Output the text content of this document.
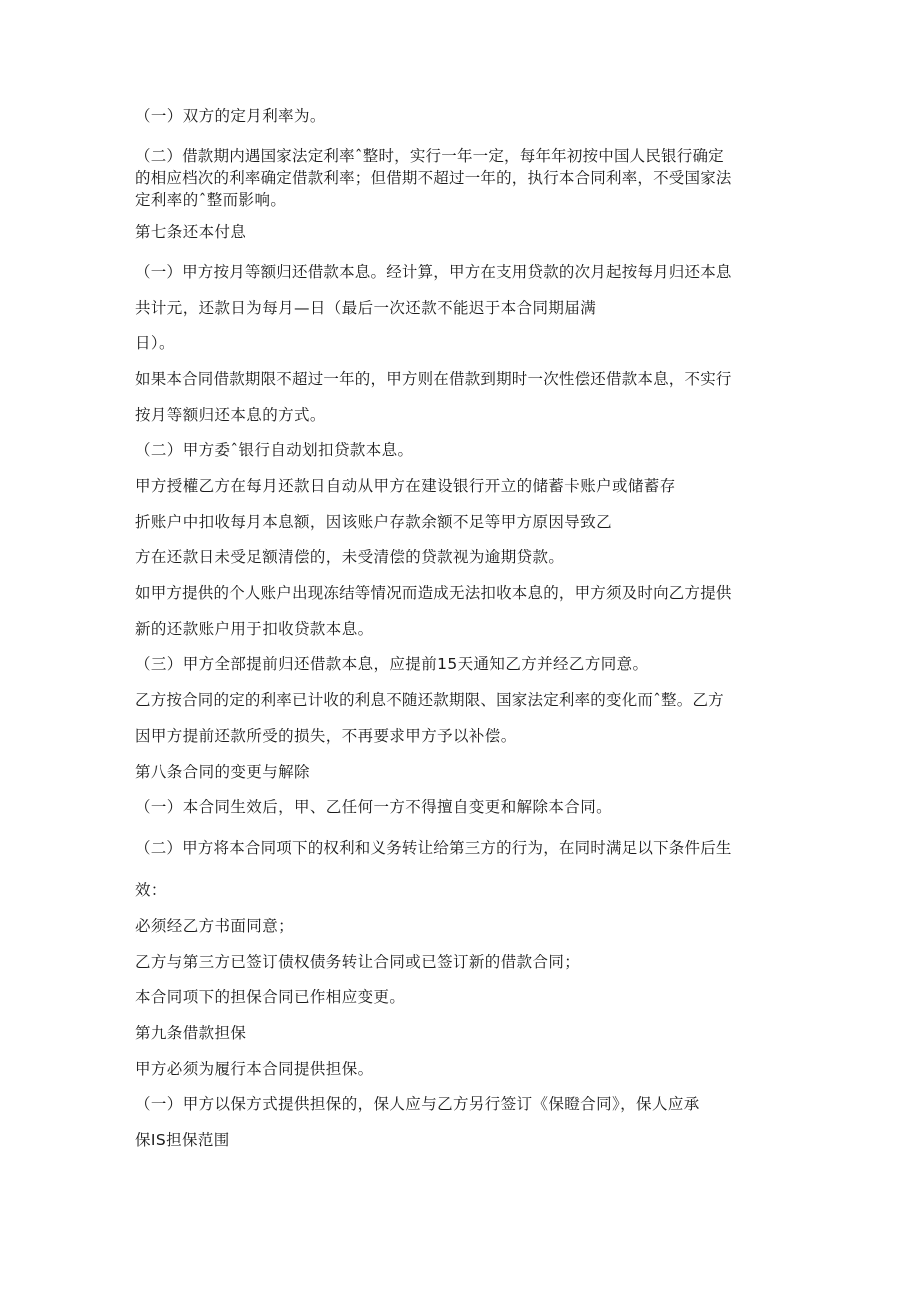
（一）双方的定月利率为。
（二）借款期内遇国家法定利率ˆ整时，实行一年一定，每年年初按中国人民银行确定
的相应档次的利率确定借款利率；但借期不超过一年的，执行本合同利率，不受国家法
定利率的ˆ整而影响。
第七条还本付息
（一）甲方按月等额归还借款本息。经计算，甲方在支用贷款的次月起按每月归还本息
共计元，还款日为每月—日（最后一次还款不能迟于本合同期届满
日）。
如果本合同借款期限不超过一年的，甲方则在借款到期时一次性偿还借款本息，不实行
按月等额归还本息的方式。
（二）甲方委ˆ银行自动划扣贷款本息。
甲方授權乙方在每月还款日自动从甲方在建设银行开立的储蓄卡账户或储蓄存
折账户中扣收每月本息额，因该账户存款余额不足等甲方原因导致乙
方在还款日未受足额清偿的，未受清偿的贷款视为逾期贷款。
如甲方提供的个人账户出现冻结等情况而造成无法扣收本息的，甲方须及时向乙方提供
新的还款账户用于扣收贷款本息。
（三）甲方全部提前归还借款本息，应提前15天通知乙方并经乙方同意。
乙方按合同的定的利率已计收的利息不随还款期限、国家法定利率的变化而ˆ整。乙方
因甲方提前还款所受的损失，不再要求甲方予以补偿。
第八条合同的变更与解除
（一）本合同生效后，甲、乙任何一方不得擅自变更和解除本合同。
（二）甲方将本合同项下的权利和义务转让给第三方的行为，在同时满足以下条件后生
效：
必须经乙方书面同意；
乙方与第三方已签订债权债务转让合同或已签订新的借款合同；
本合同项下的担保合同已作相应变更。
第九条借款担保
甲方必须为履行本合同提供担保。
（一）甲方以保方式提供担保的，保人应与乙方另行签订《保瞪合同》，保人应承
保IS担保范围
